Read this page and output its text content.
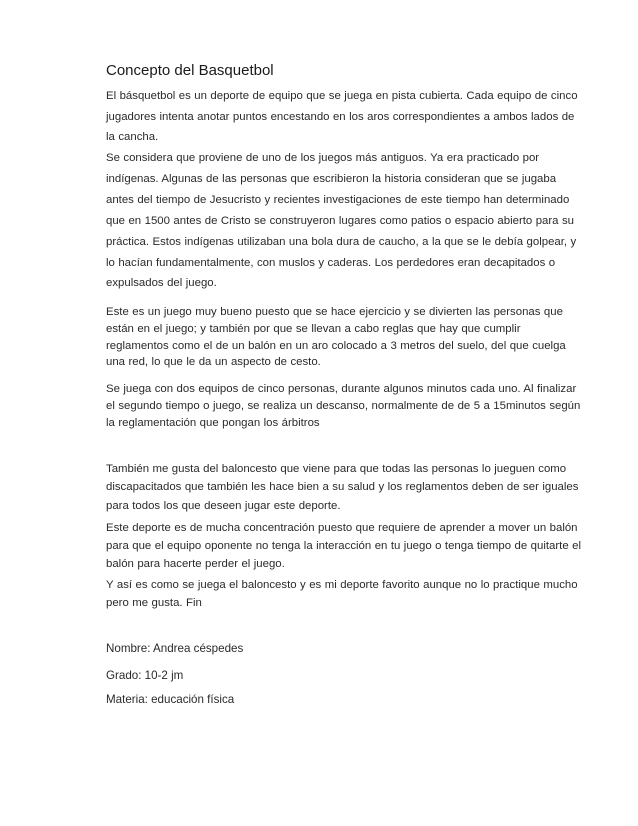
Concepto del Basquetbol

El básquetbol es un deporte de equipo que se juega en pista cubierta. Cada equipo de cinco jugadores intenta anotar puntos encestando en los aros correspondientes a ambos lados de la cancha.

Se considera que proviene de uno de los juegos más antiguos. Ya era practicado por indígenas. Algunas de las personas que escribieron la historia consideran que se jugaba antes del tiempo de Jesucristo y recientes investigaciones de este tiempo han determinado que en 1500 antes de Cristo se construyeron lugares como patios o espacio abierto para su práctica. Estos indígenas utilizaban una bola dura de caucho, a la que se le debía golpear, y lo hacían fundamentalmente, con muslos y caderas. Los perdedores eran decapitados o expulsados del juego.

Este es un juego muy bueno puesto que se hace ejercicio y se divierten las personas que están en el juego; y también por que se llevan a cabo reglas que hay que cumplir reglamentos como el de un balón en un aro colocado a 3 metros del suelo, del que cuelga una red, lo que le da un aspecto de cesto.

Se juega con dos equipos de cinco personas, durante algunos minutos cada uno. Al finalizar el segundo tiempo o juego, se realiza un descanso, normalmente de de 5 a 15minutos según la reglamentación que pongan los árbitros

También me gusta del baloncesto que viene para que todas las personas lo jueguen como discapacitados que también les hace bien a su salud y los reglamentos deben de ser iguales para todos los que deseen jugar este deporte.

Este deporte es de mucha concentración puesto que requiere de aprender a mover un balón para que el equipo oponente no tenga la interacción en tu juego o tenga tiempo de quitarte el balón para hacerte perder el juego.

Y así es como se juega el baloncesto y es mi deporte favorito aunque no lo practique mucho pero me gusta. Fin

Nombre: Andrea céspedes
Grado: 10-2 jm
Materia: educación física
